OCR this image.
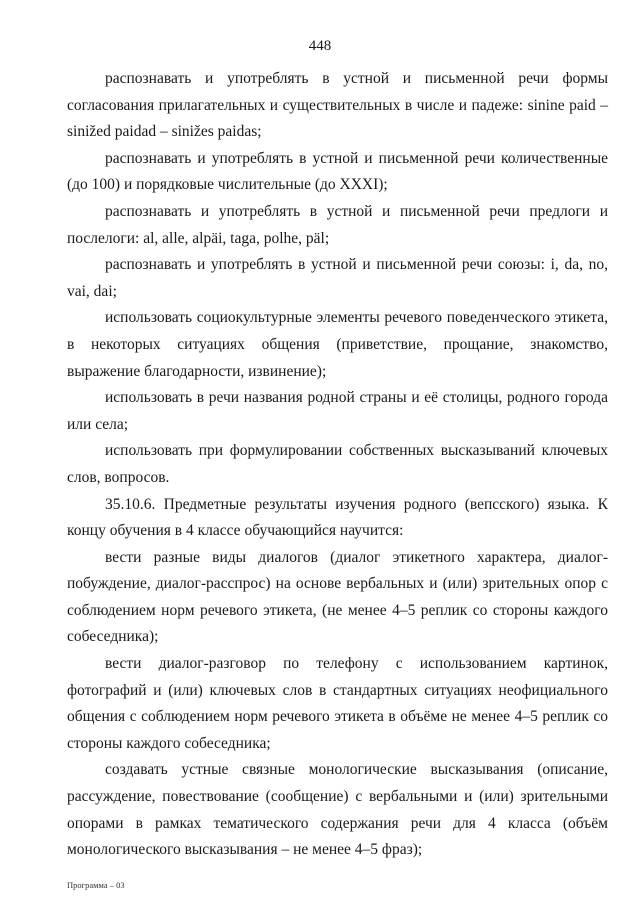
448

распознавать и употреблять в устной и письменной речи формы согласования прилагательных и существительных в числе и падеже: sinine paid – sinižed paidad – sinižes paidas;

распознавать и употреблять в устной и письменной речи количественные (до 100) и порядковые числительные (до XXXI);

распознавать и употреблять в устной и письменной речи предлоги и послелоги: al, alle, alpäi, taga, polhe, päl;

распознавать и употреблять в устной и письменной речи союзы: i, da, no, vai, dai;

использовать социокультурные элементы речевого поведенческого этикета, в некоторых ситуациях общения (приветствие, прощание, знакомство, выражение благодарности, извинение);

использовать в речи названия родной страны и её столицы, родного города или села;

использовать при формулировании собственных высказываний ключевых слов, вопросов.

35.10.6. Предметные результаты изучения родного (вепсского) языка. К концу обучения в 4 классе обучающийся научится:

вести разные виды диалогов (диалог этикетного характера, диалог-побуждение, диалог-расспрос) на основе вербальных и (или) зрительных опор с соблюдением норм речевого этикета, (не менее 4–5 реплик со стороны каждого собеседника);

вести диалог-разговор по телефону с использованием картинок, фотографий и (или) ключевых слов в стандартных ситуациях неофициального общения с соблюдением норм речевого этикета в объёме не менее 4–5 реплик со стороны каждого собеседника;

создавать устные связные монологические высказывания (описание, рассуждение, повествование (сообщение) с вербальными и (или) зрительными опорами в рамках тематического содержания речи для 4 класса (объём монологического высказывания – не менее 4–5 фраз);

Программа – 03
